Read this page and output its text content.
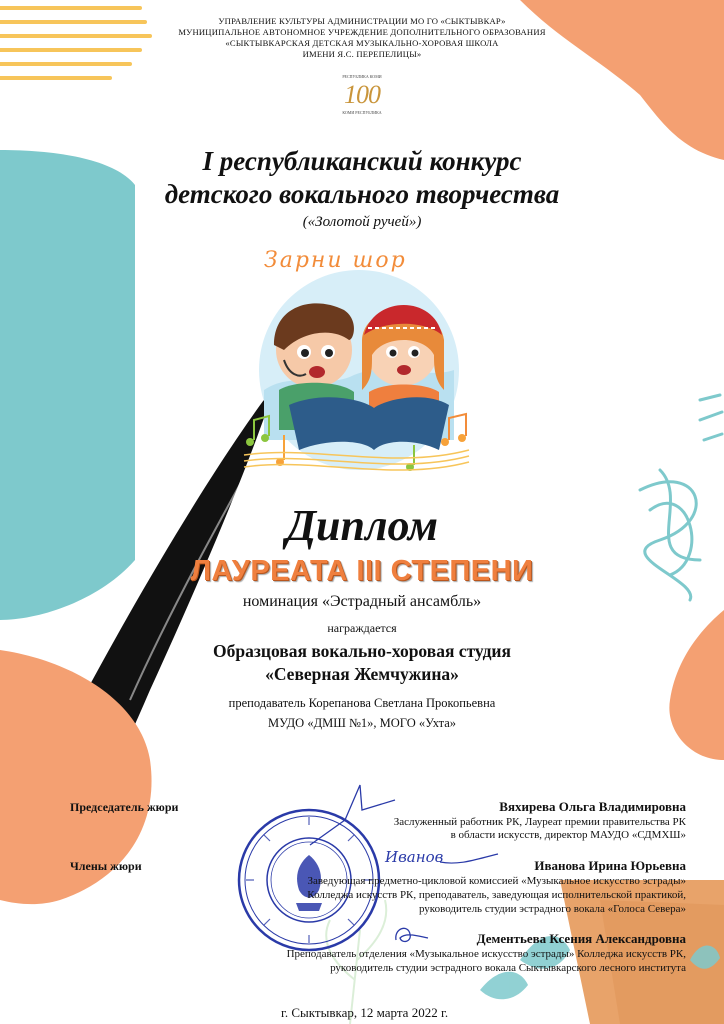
УПРАВЛЕНИЕ КУЛЬТУРЫ АДМИНИСТРАЦИИ МО ГО «СЫКТЫВКАР»
МУНИЦИПАЛЬНОЕ АВТОНОМНОЕ УЧРЕЖДЕНИЕ ДОПОЛНИТЕЛЬНОГО ОБРАЗОВАНИЯ
«СЫКТЫВКАРСКАЯ ДЕТСКАЯ МУЗЫКАЛЬНО-ХОРОВАЯ ШКОЛА
ИМЕНИ Я.С. ПЕРЕПЕЛИЦЫ»
РЕСПУБЛИКА КОМИ
100
КОМИ РЕСПУБЛИКА
I республиканский конкурс
детского вокального творчества
(«Золотой ручей»)
Зарни шор
Диплом
ЛАУРЕАТА III СТЕПЕНИ
номинация «Эстрадный ансамбль»
награждается
Образцовая вокально-хоровая студия
«Северная Жемчужина»
преподаватель Корепанова Светлана Прокопьевна
МУДО «ДМШ №1», МОГО «Ухта»
Иванов
Председатель жюри
Члены жюри
Вяхирева Ольга Владимировна
Заслуженный работник РК, Лауреат премии правительства РК
в области искусств, директор МАУДО «СДМХШ»
Иванова Ирина Юрьевна
Заведующая предметно-цикловой комиссией «Музыкальное искусство эстрады»
Колледжа искусств РК, преподаватель, заведующая исполнительской практикой,
руководитель студии эстрадного вокала «Голоса Севера»
Дементьева Ксения Александровна
Преподаватель отделения «Музыкальное искусство эстрады» Колледжа искусств РК,
руководитель студии эстрадного вокала Сыктывкарского лесного института
г. Сыктывкар, 12 марта 2022 г.
